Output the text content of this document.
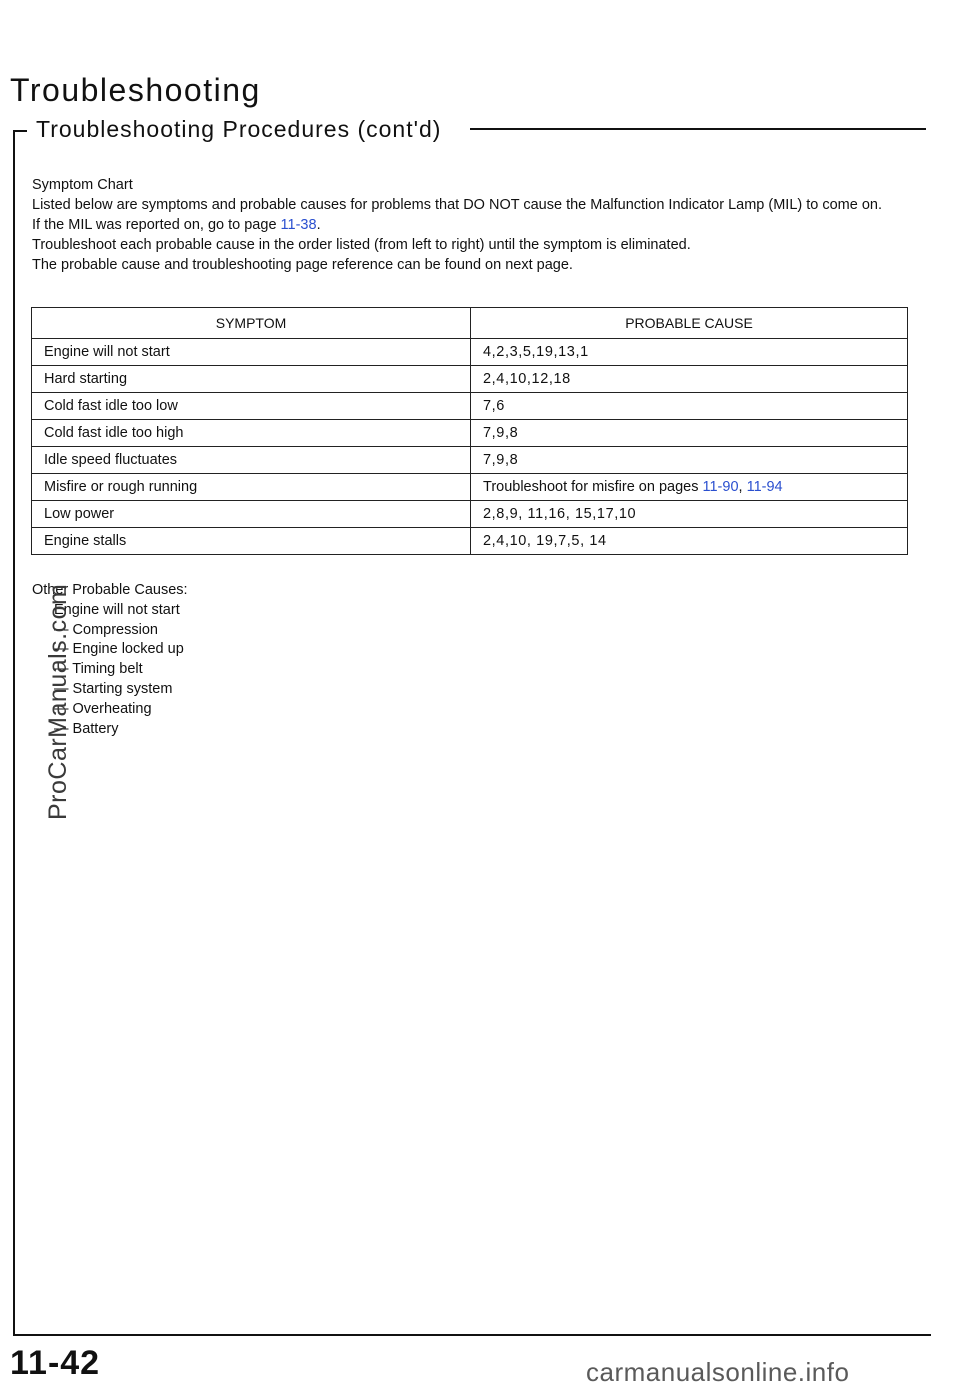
Troubleshooting
Troubleshooting Procedures (cont'd)

Symptom Chart

Listed below are symptoms and probable causes for problems that DO NOT cause the Malfunction Indicator Lamp (MIL) to come on.

If the MIL was reported on, go to page 11-38.

Troubleshoot each probable cause in the order listed (from left to right) until the symptom is eliminated.

The probable cause and troubleshooting page reference can be found on next page.

SYMPTOM	PROBABLE CAUSE
Engine will not start	4,2,3,5,19,13,1
Hard starting	2,4,10,12,18
Cold fast idle too low	7,6
Cold fast idle too high	7,9,8
Idle speed fluctuates	7,9,8
Misfire or rough running	Troubleshoot for misfire on pages 11-90, 11-94
Low power	2,8,9, 11,16, 15,17,10
Engine stalls	2,4,10, 19,7,5, 14
Other Probable Causes:
Engine will not start
— Compression
— Engine locked up
— Timing belt
— Starting system
— Overheating
— Battery
ProCarManuals.com
11-42	carmanualsonline.info
